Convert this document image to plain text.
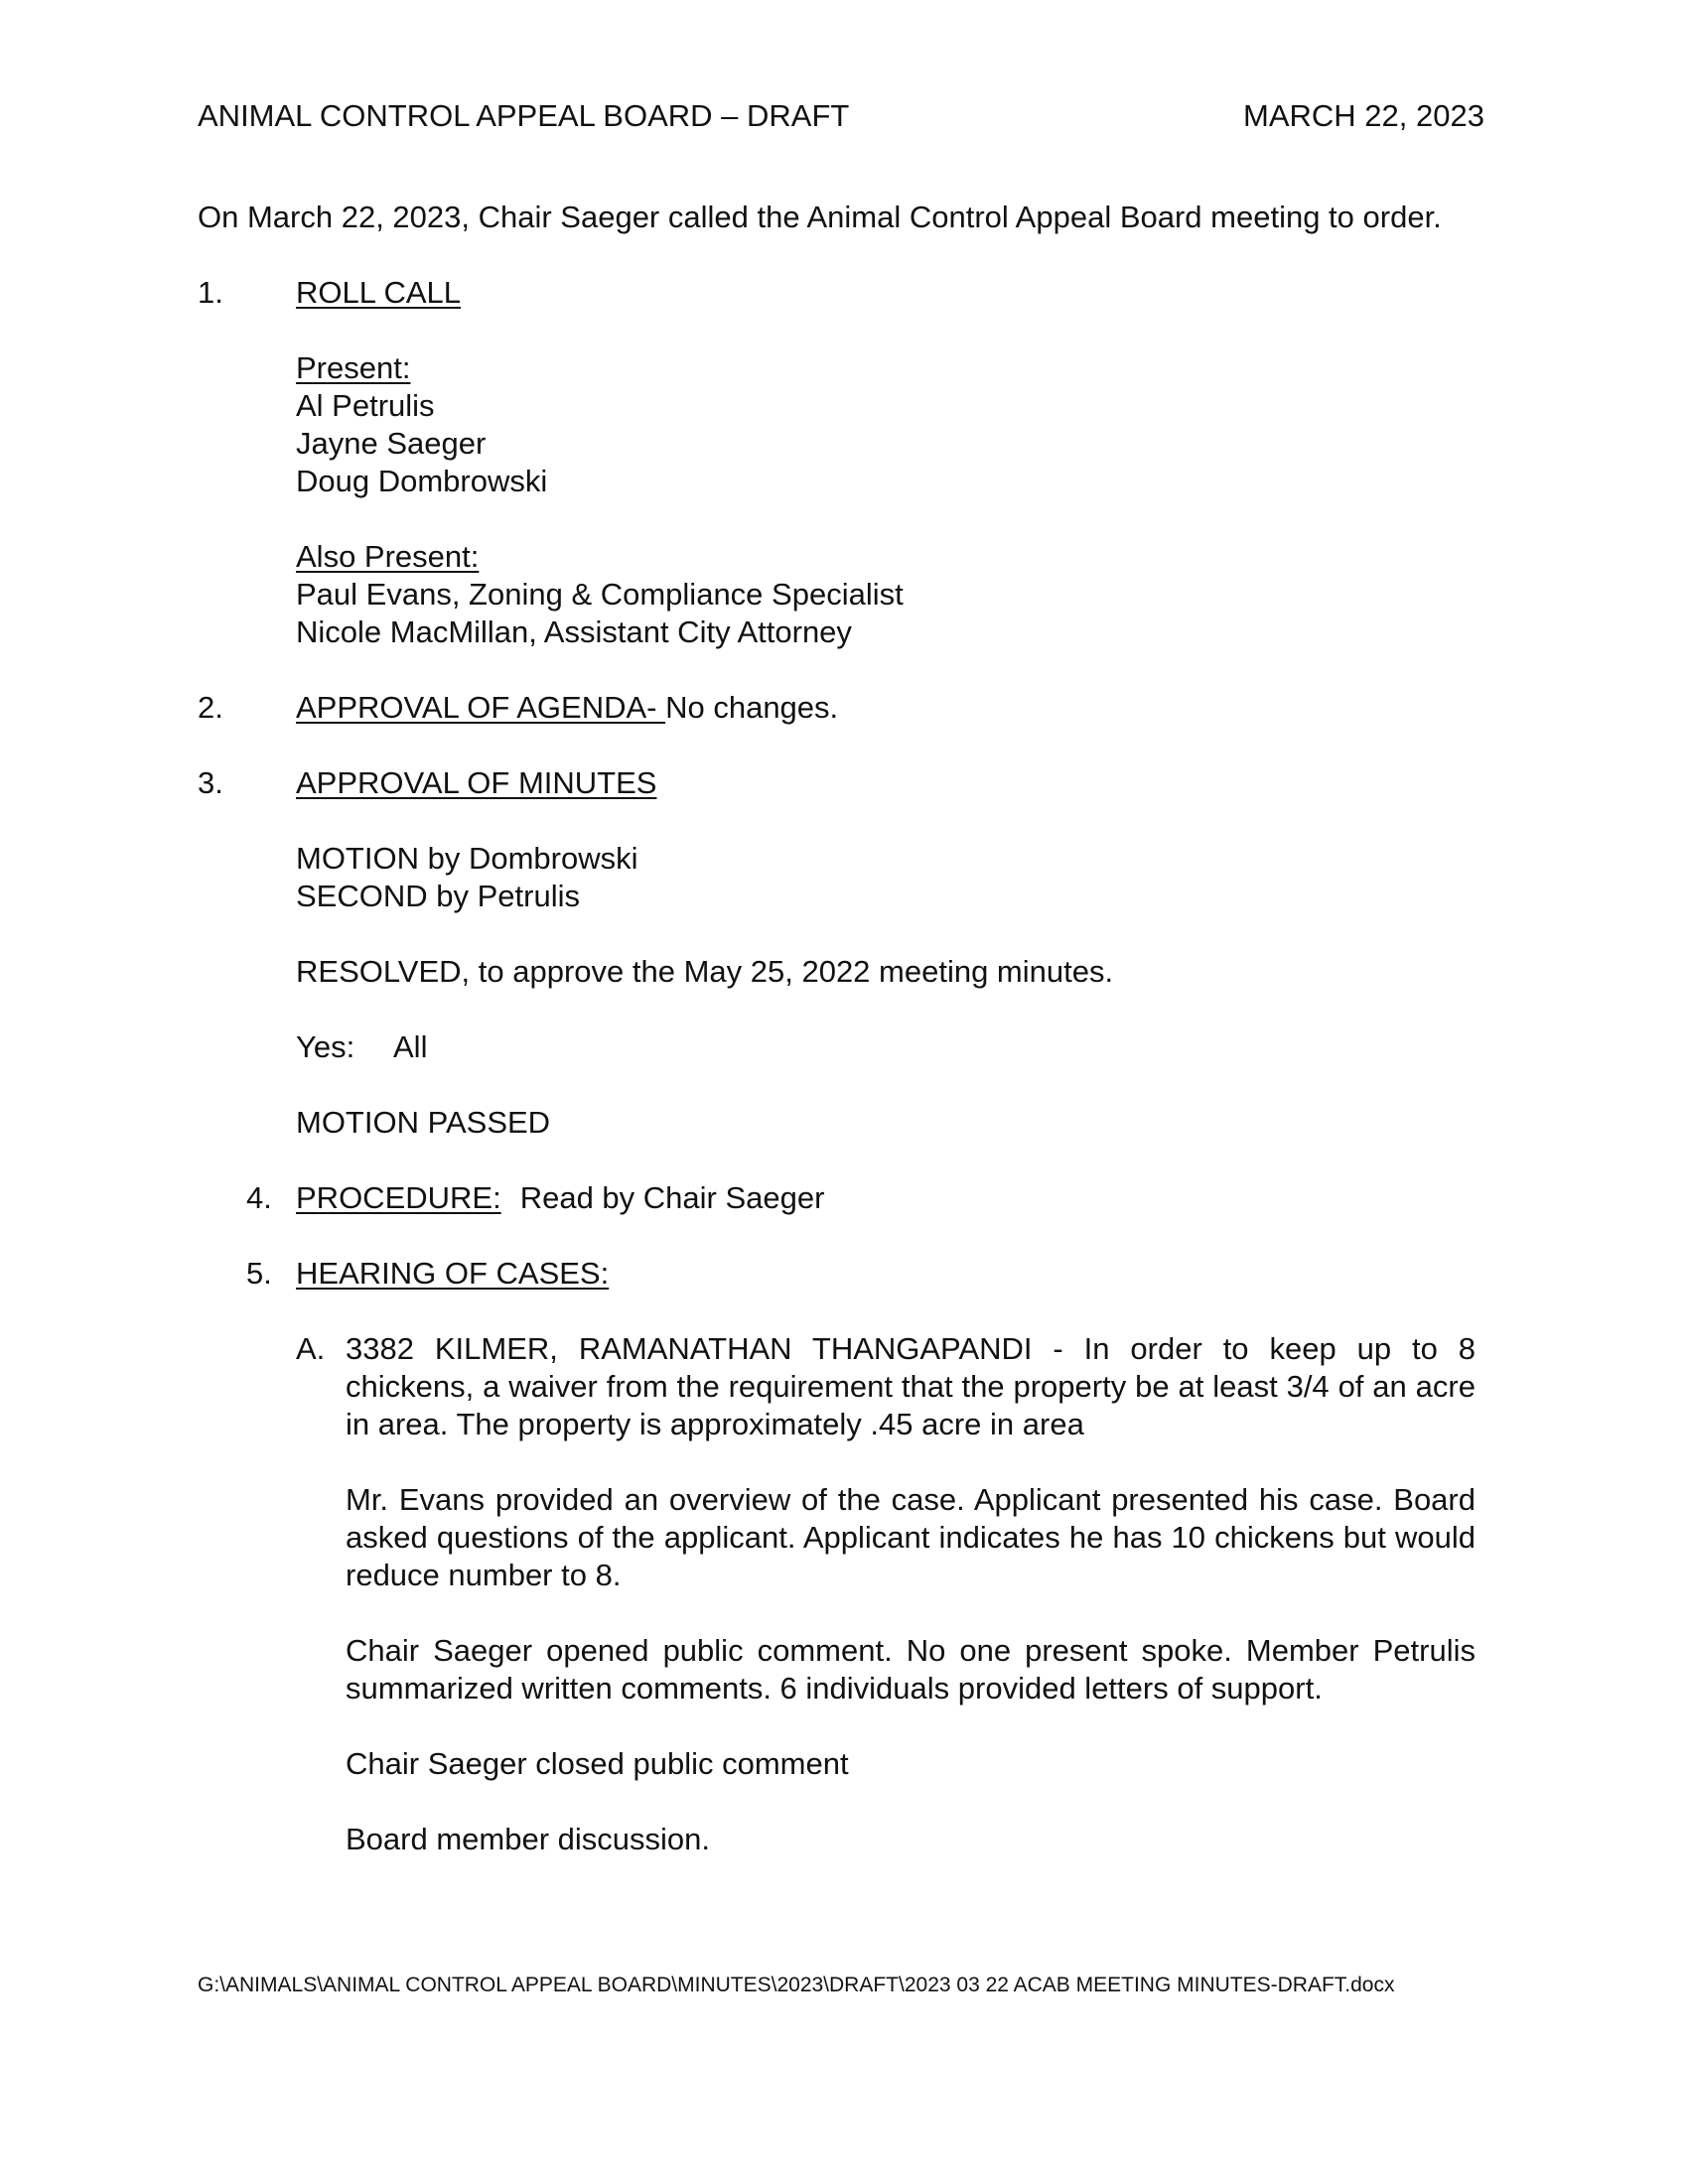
ANIMAL CONTROL APPEAL BOARD – DRAFT	MARCH 22, 2023
On March 22, 2023, Chair Saeger called the Animal Control Appeal Board meeting to order.
1. ROLL CALL
Present:
Al Petrulis
Jayne Saeger
Doug Dombrowski
Also Present:
Paul Evans, Zoning & Compliance Specialist
Nicole MacMillan, Assistant City Attorney
2. APPROVAL OF AGENDA- No changes.
3. APPROVAL OF MINUTES
MOTION by Dombrowski
SECOND by Petrulis
RESOLVED, to approve the May 25, 2022 meeting minutes.
Yes: All
MOTION PASSED
4. PROCEDURE: Read by Chair Saeger
5. HEARING OF CASES:
A. 3382 KILMER, RAMANATHAN THANGAPANDI - In order to keep up to 8 chickens, a waiver from the requirement that the property be at least 3/4 of an acre in area. The property is approximately .45 acre in area
Mr. Evans provided an overview of the case. Applicant presented his case. Board asked questions of the applicant. Applicant indicates he has 10 chickens but would reduce number to 8.
Chair Saeger opened public comment. No one present spoke. Member Petrulis summarized written comments. 6 individuals provided letters of support.
Chair Saeger closed public comment
Board member discussion.
G:\ANIMALS\ANIMAL CONTROL APPEAL BOARD\MINUTES\2023\DRAFT\2023 03 22 ACAB MEETING MINUTES-DRAFT.docx
